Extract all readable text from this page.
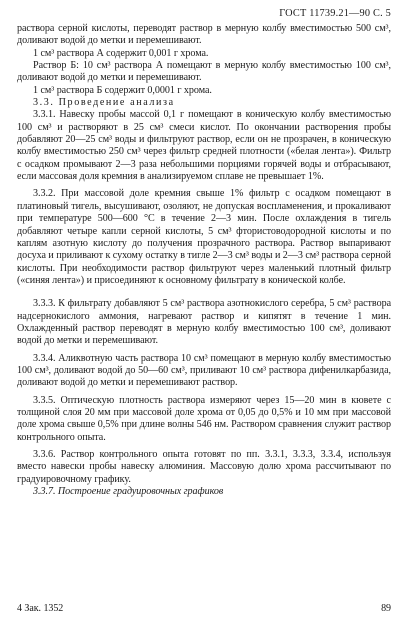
ГОСТ 11739.21—90 С. 5

раствора серной кислоты, переводят раствор в мерную колбу вместимостью 500 см³, доливают водой до метки и перемешивают.

1 см³ раствора А содержит 0,001 г хрома.

Раствор Б: 10 см³ раствора А помещают в мерную колбу вместимостью 100 см³, доливают водой до метки и перемешивают.

1 см³ раствора Б содержит 0,0001 г хрома.

3.3. Проведение анализа

3.3.1. Навеску пробы массой 0,1 г помещают в коническую колбу вместимостью 100 см³ и растворяют в 25 см³ смеси кислот. По окончании растворения пробы добавляют 20—25 см³ воды и фильтруют раствор, если он не прозрачен, в коническую колбу вместимостью 250 см³ через фильтр средней плотности («белая лента»). Фильтр с осадком промывают 2—3 раза небольшими порциями горячей воды и отбрасывают, если массовая доля кремния в анализируемом сплаве не превышает 1%.

3.3.2. При массовой доле кремния свыше 1% фильтр с осадком помещают в платиновый тигель, высушивают, озоляют, не допуская воспламенения, и прокаливают при температуре 500—600 °С в течение 2—3 мин. После охлаждения в тигель добавляют четыре капли серной кислоты, 5 см³ фтористоводородной кислоты и по каплям азотную кислоту до получения прозрачного раствора. Раствор выпаривают досуха и приливают к сухому остатку в тигле 2—3 см³ воды и 2—3 см³ раствора серной кислоты. При необходимости раствор фильтруют через маленький плотный фильтр («синяя лента») и присоединяют к основному фильтрату в конической колбе.

3.3.3. К фильтрату добавляют 5 см³ раствора азотнокислого серебра, 5 см³ раствора надсернокислого аммония, нагревают раствор и кипятят в течение 1 мин. Охлажденный раствор переводят в мерную колбу вместимостью 100 см³, доливают водой до метки и перемешивают.

3.3.4. Аликвотную часть раствора 10 см³ помещают в мерную колбу вместимостью 100 см³, доливают водой до 50—60 см³, приливают 10 см³ раствора дифенилкарбазида, доливают водой до метки и перемешивают раствор.

3.3.5. Оптическую плотность раствора измеряют через 15—20 мин в кювете с толщиной слоя 20 мм при массовой доле хрома от 0,05 до 0,5% и 10 мм при массовой доле хрома свыше 0,5% при длине волны 546 нм. Раствором сравнения служит раствор контрольного опыта.

3.3.6. Раствор контрольного опыта готовят по пп. 3.3.1, 3.3.3, 3.3.4, используя вместо навески пробы навеску алюминия. Массовую долю хрома рассчитывают по градуировочному графику.

3.3.7. Построение градуировочных графиков

4 Зак. 1352	89
